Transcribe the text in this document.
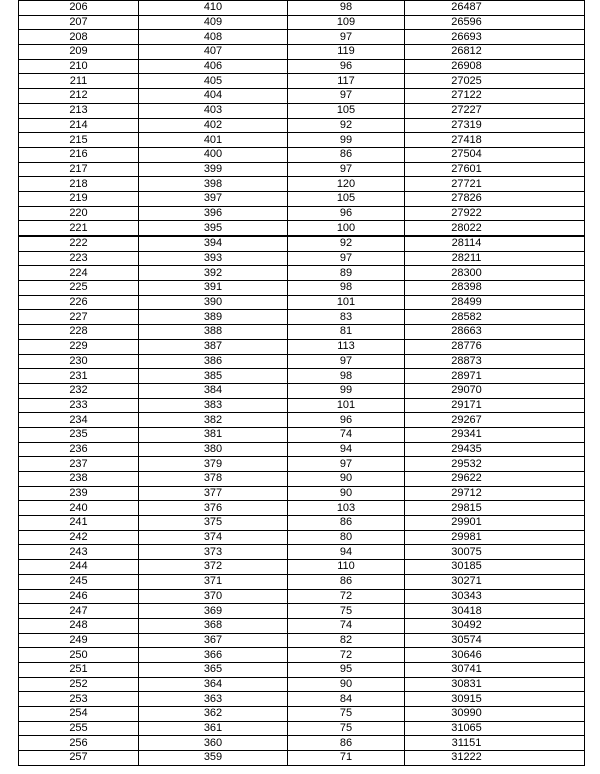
206	410	98	26487
207	409	109	26596
208	408	97	26693
209	407	119	26812
210	406	96	26908
211	405	117	27025
212	404	97	27122
213	403	105	27227
214	402	92	27319
215	401	99	27418
216	400	86	27504
217	399	97	27601
218	398	120	27721
219	397	105	27826
220	396	96	27922
221	395	100	28022
222	394	92	28114
223	393	97	28211
224	392	89	28300
225	391	98	28398
226	390	101	28499
227	389	83	28582
228	388	81	28663
229	387	113	28776
230	386	97	28873
231	385	98	28971
232	384	99	29070
233	383	101	29171
234	382	96	29267
235	381	74	29341
236	380	94	29435
237	379	97	29532
238	378	90	29622
239	377	90	29712
240	376	103	29815
241	375	86	29901
242	374	80	29981
243	373	94	30075
244	372	110	30185
245	371	86	30271
246	370	72	30343
247	369	75	30418
248	368	74	30492
249	367	82	30574
250	366	72	30646
251	365	95	30741
252	364	90	30831
253	363	84	30915
254	362	75	30990
255	361	75	31065
256	360	86	31151
257	359	71	31222
